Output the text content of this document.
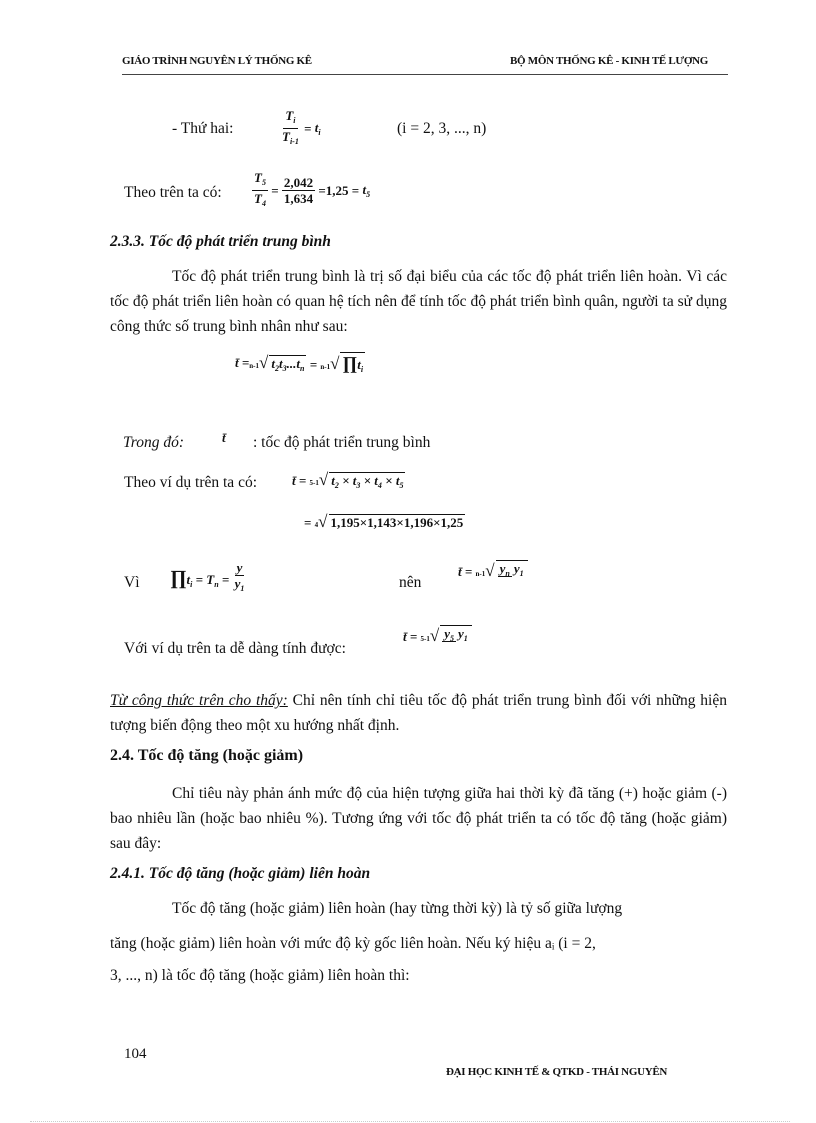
GIÁO TRÌNH NGUYÊN LÝ THỐNG KÊ	BỘ MÔN THỐNG KÊ - KINH TẾ LƯỢNG
- Thứ hai:	$\frac{T_i}{T_{i-1}} = t_i$	(i = 2, 3, ..., n)
Theo trên ta có: $\frac{T_5}{T_4} = \frac{2,042}{1,634} = 1,25 = t_5$
2.3.3. Tốc độ phát triển trung bình
Tốc độ phát triển trung bình là trị số đại biểu của các tốc độ phát triển liên hoàn. Vì các tốc độ phát triển liên hoàn có quan hệ tích nên để tính tốc độ phát triển bình quân, người ta sử dụng công thức số trung bình nhân như sau:
t̄ = n-1√ $t_2t_3...t_n = n-1√$ $\prod t_i$
Trong đó:	t̄ : tốc độ phát triển trung bình
Theo ví dụ trên ta có:	t̄ = 5-1√ $t_2 \times t_3 \times t_4 \times t_5$
= 4√ 1,195×1,143×1,196×1,25
Vì $\prod t_i = T_n = \frac{y}{y_1}$	nên
t̄ = n-1√ $y_n$ $y_1$
Với ví dụ trên ta dễ dàng tính được:
t̄ = 5-1√ $y_5$ $y_1$
Từ công thức trên cho thấy: Chỉ nên tính chỉ tiêu tốc độ phát triển trung bình đối với những hiện tượng biến động theo một xu hướng nhất định.
2.4. Tốc độ tăng (hoặc giảm)
Chỉ tiêu này phản ánh mức độ của hiện tượng giữa hai thời kỳ đã tăng (+) hoặc giảm (-) bao nhiêu lần (hoặc bao nhiêu %). Tương ứng với tốc độ phát triển ta có tốc độ tăng (hoặc giảm) sau đây:
2.4.1. Tốc độ tăng (hoặc giảm) liên hoàn
Tốc độ tăng (hoặc giảm) liên hoàn (hay từng thời kỳ) là tỷ số giữa lượng
tăng (hoặc giảm) liên hoàn với mức độ kỳ gốc liên hoàn. Nếu ký hiệu aᵢ (i = 2,
3, ..., n) là tốc độ tăng (hoặc giảm) liên hoàn thì:
104
ĐẠI HỌC KINH TẾ & QTKD - THÁI NGUYÊN
